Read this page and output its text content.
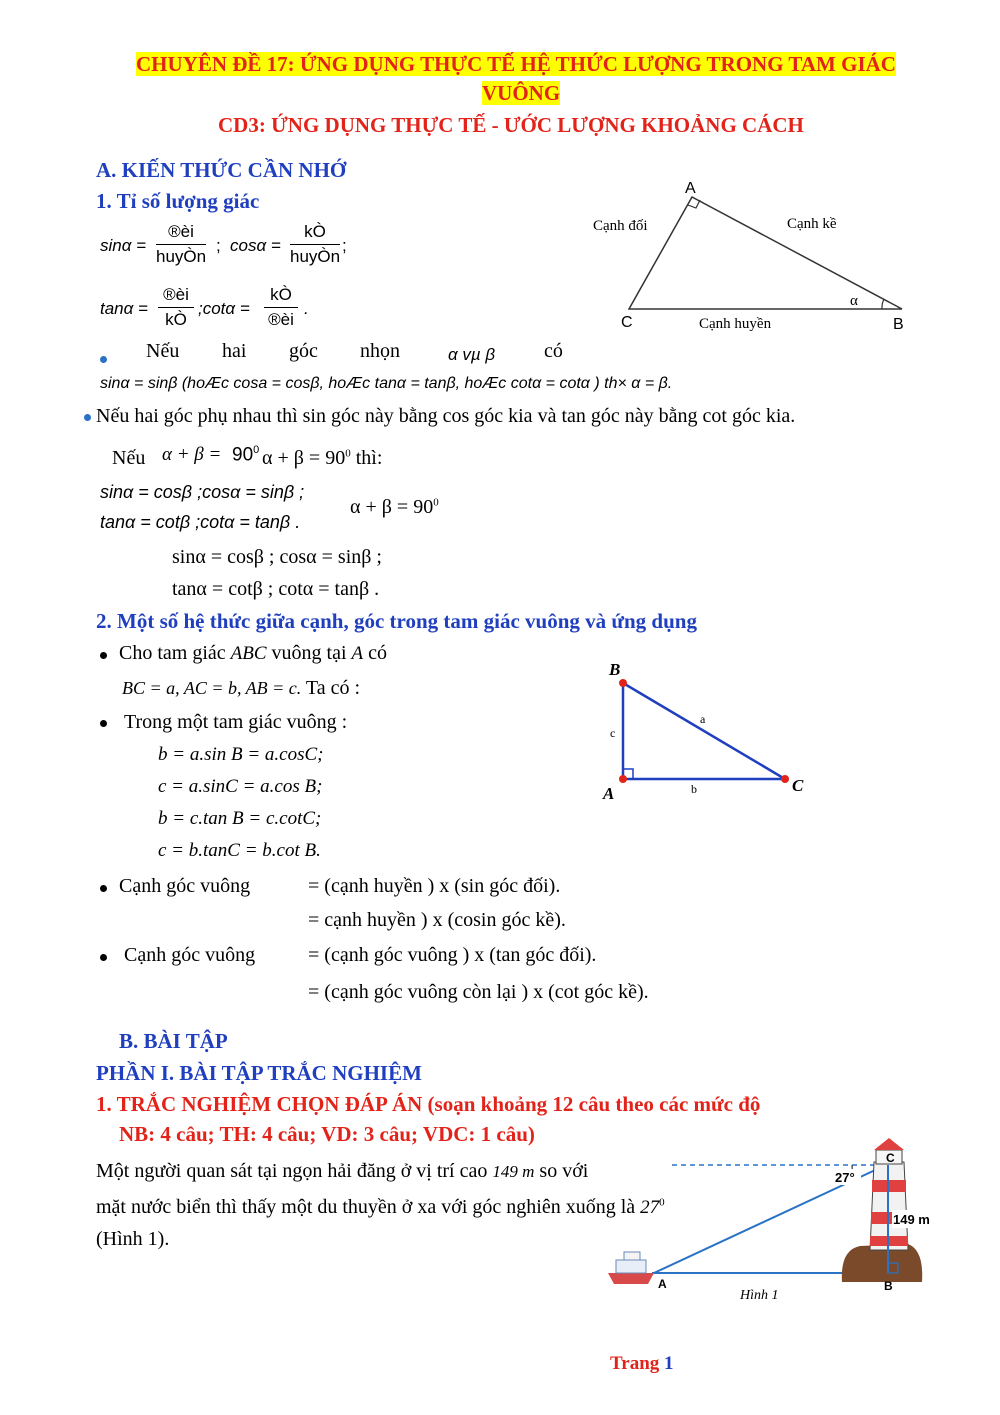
CHUYÊN ĐỀ 17: ỨNG DỤNG THỰC TẾ HỆ THỨC LƯỢNG TRONG TAM GIÁC
VUÔNG
CD3: ỨNG DỤNG THỰC TẾ - ƯỚC LƯỢNG KHOẢNG CÁCH
A. KIẾN THỨC CẦN NHỚ
1. Tỉ số lượng giác
sinα =
®èi
huyÒn
; cosα =
kÒ
huyÒn
;
tanα =
®èi
kÒ
;cotα =
kÒ
®èi
.
Nếu hai góc nhọn	α vµ β có
sinα = sinβ (hoÆc cosa = cosβ, hoÆc tanα = tanβ, hoÆc cotα = cotα ) th× α = β.
Nếu hai góc phụ nhau thì sin góc này bằng cos góc kia và tan góc này bằng cot góc kia.
Nếu $\alpha + \beta = 90^0$ $\alpha + \beta = 90^0$ thì:
sinα = cosβ ;cosα = sinβ ;
tanα = cotβ ;cotα = tanβ .
$\alpha + \beta = 90^0$
sinα = cosβ ; cosα = sinβ ;
tanα = cotβ ; cotα = tanβ .
2. Một số hệ thức giữa cạnh, góc trong tam giác vuông và ứng dụng
Cho tam giác ABC vuông tại A có
BC = a, AC = b, AB = c. Ta có :
Trong một tam giác vuông :
b = a.sin B = a.cosC;
c = a.sinC = a.cos B;
b = c.tan B = c.cotC;
c = b.tanC = b.cot B.
Cạnh góc vuông	= (cạnh huyền ) x (sin góc đối).
= cạnh huyền ) x (cosin góc kề).
Cạnh góc vuông	= (cạnh góc vuông ) x (tan góc đối).
= (cạnh góc vuông còn lại ) x (cot góc kề).
A
C	B
Cạnh đối	Cạnh kề
Cạnh huyền
α
B
A	C
a
b
c
B. BÀI TẬP
PHẦN I. BÀI TẬP TRẮC NGHIỆM
1. TRẮC NGHIỆM CHỌN ĐÁP ÁN (soạn khoảng 12 câu theo các mức độ
NB: 4 câu; TH: 4 câu; VD: 3 câu; VDC: 1 câu)
Một người quan sát tại ngọn hải đăng ở vị trí cao 149 m so với
mặt nước biển thì thấy một du thuyền ở xa với góc nghiên xuống là $27^0$
(Hình 1).
27°
149 m
C
A	B
Hình 1
Trang 1
